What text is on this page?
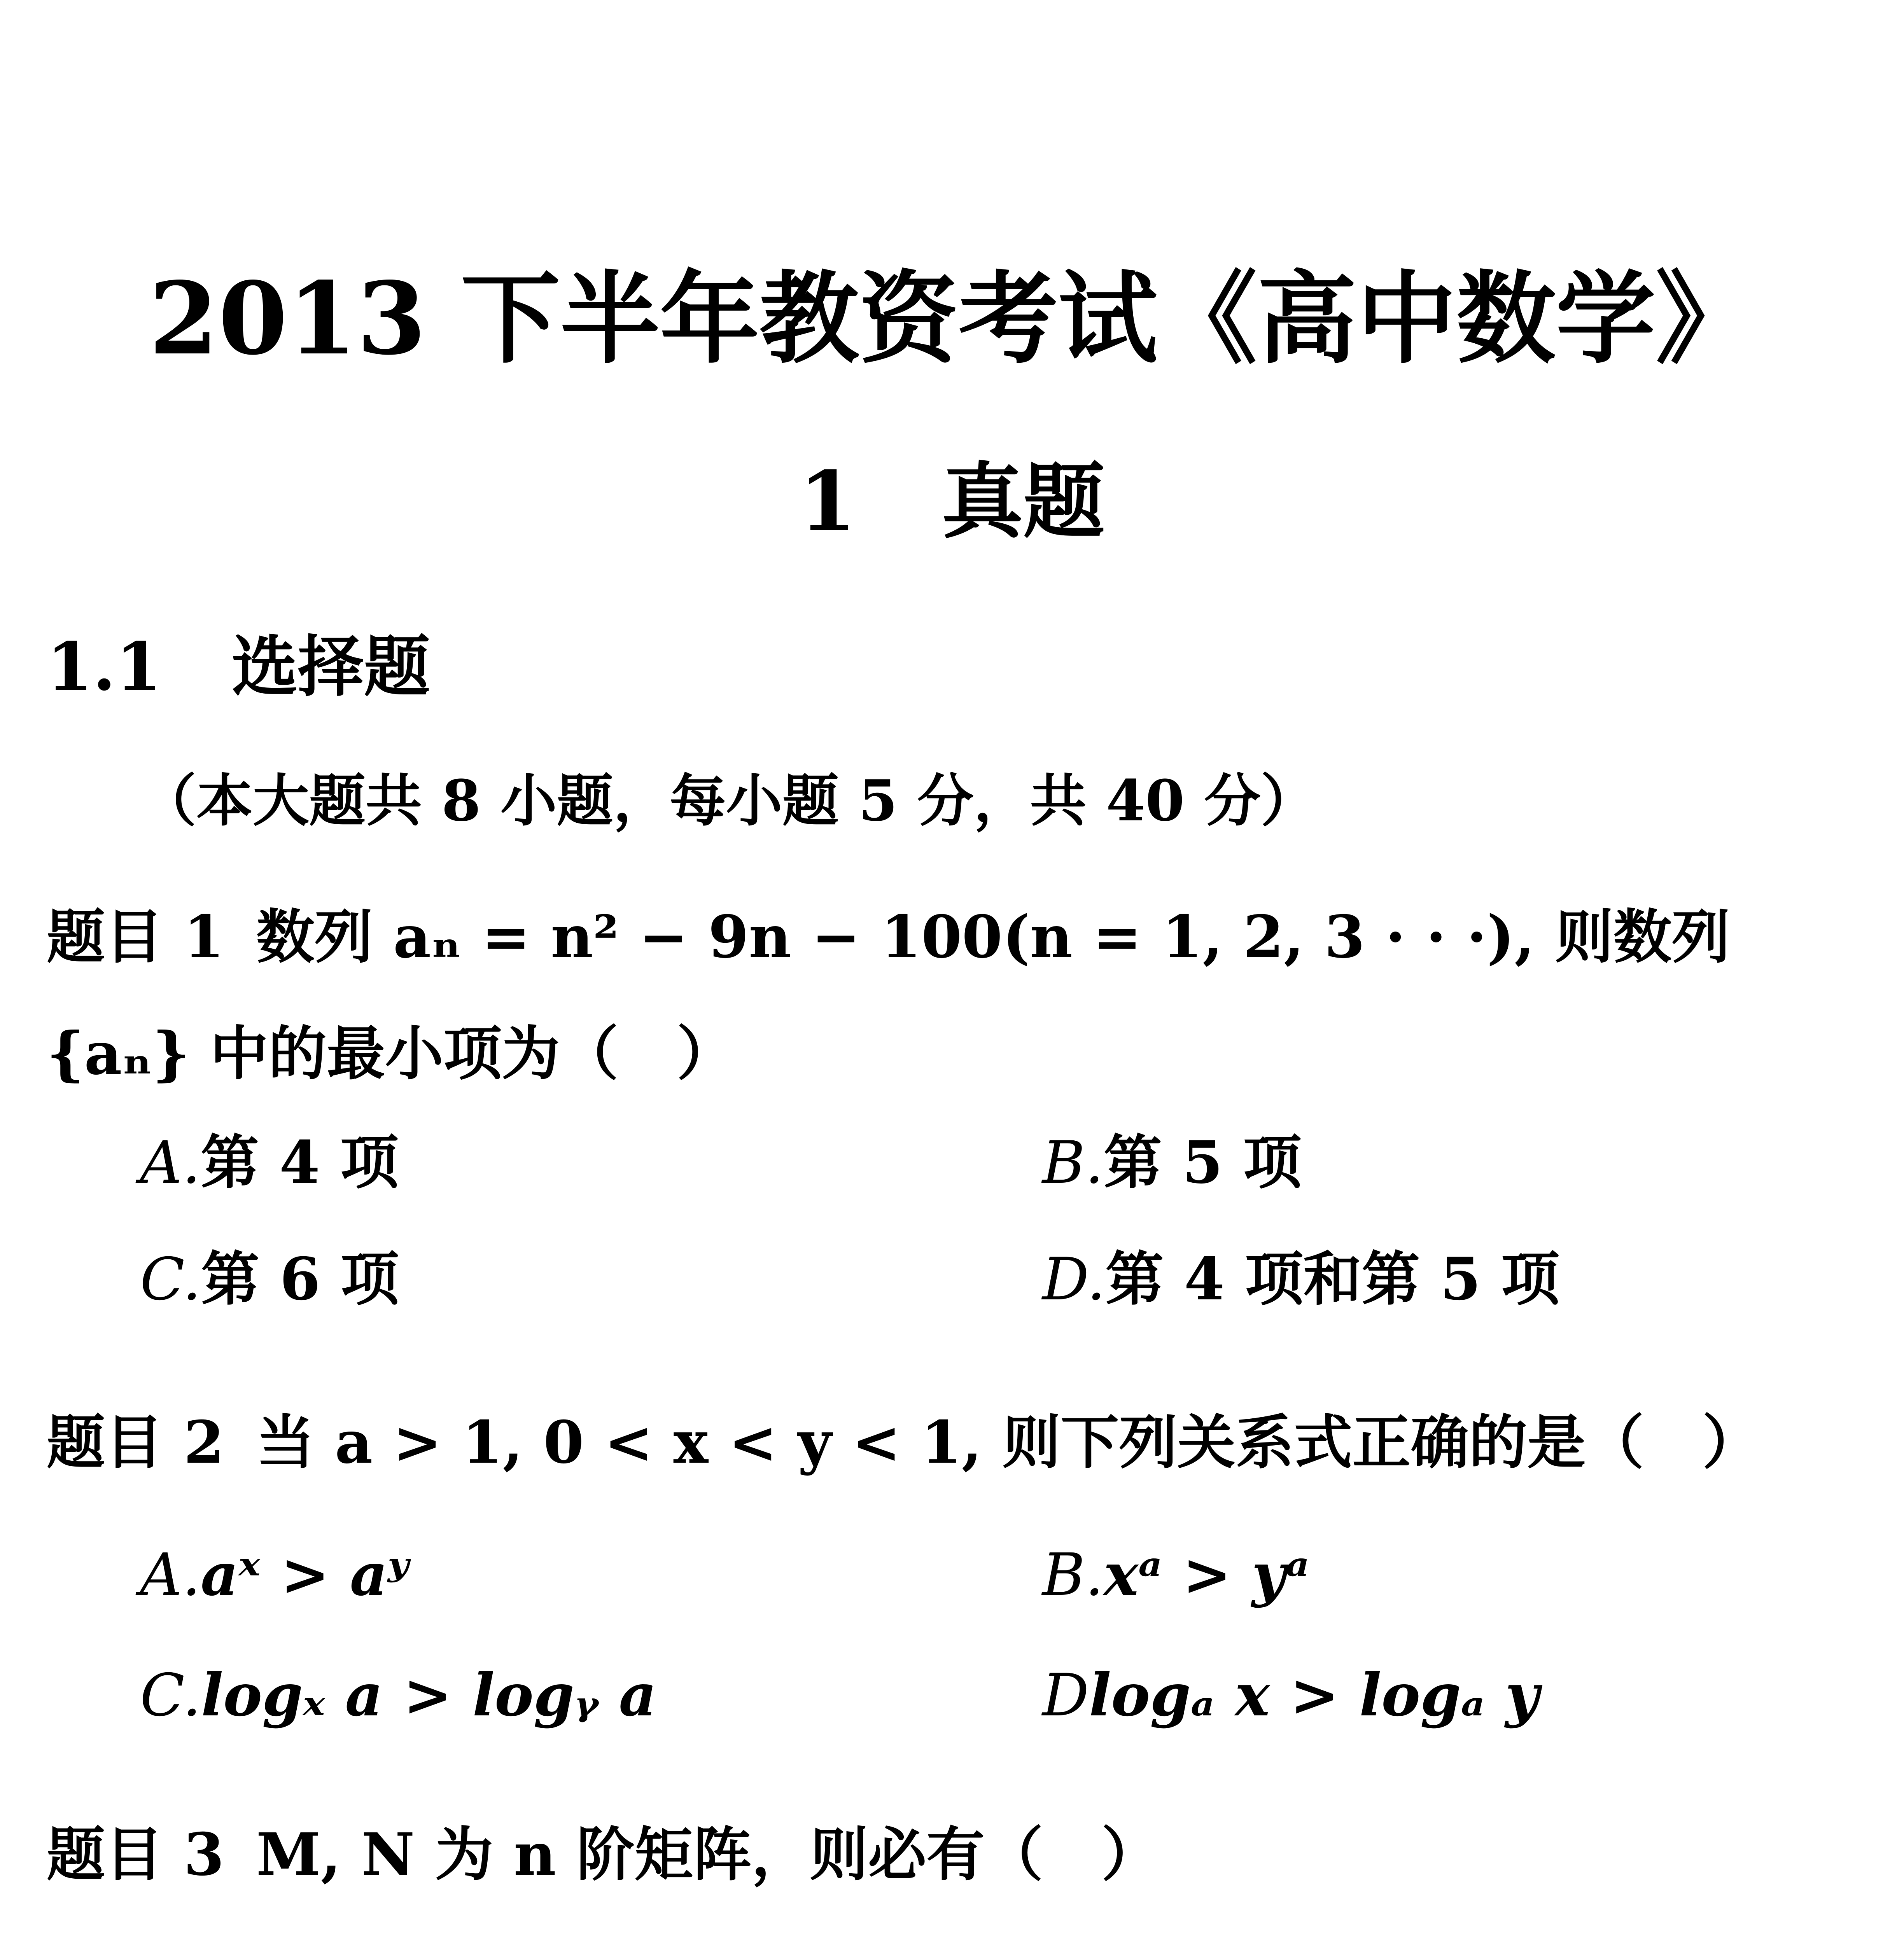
2013 下半年教资考试《高中数学》
1 真题
1.1 选择题
（本大题共 8 小题，每小题 5 分，共 40 分）
题目 1 数列 aₙ = n² − 9n − 100(n = 1, 2, 3 · · ·), 则数列 {aₙ} 中的最小项为（　）
A.第 4 项	B.第 5 项
C.第 6 项	D.第 4 项和第 5 项
题目 2 当 a > 1, 0 < x < y < 1, 则下列关系式正确的是（　）
A.aˣ > aʸ	B.xᵃ > yᵃ
C.logₓ a > logᵧ a	Dlogₐ x > logₐ y
题目 3 M, N 为 n 阶矩阵，则必有（　）
